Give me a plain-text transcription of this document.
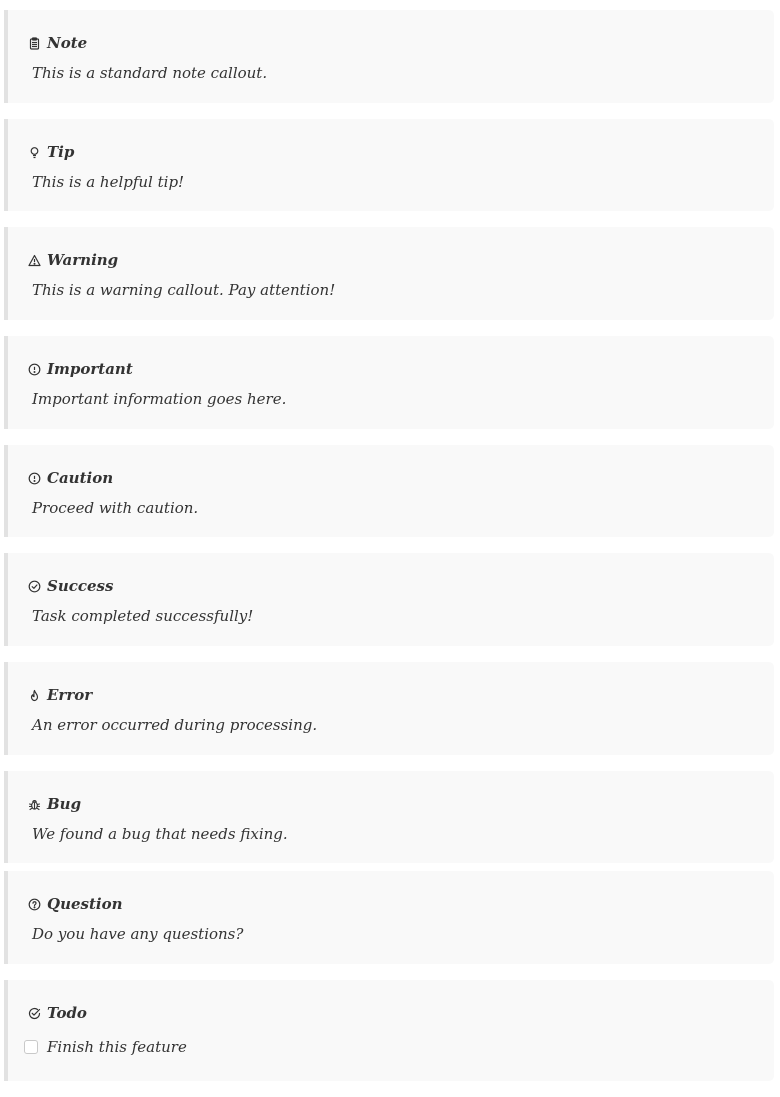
Note
This is a standard note callout.
Tip
This is a helpful tip!
Warning
This is a warning callout. Pay attention!
Important
Important information goes here.
Caution
Proceed with caution.
Success
Task completed successfully!
Error
An error occurred during processing.
Bug
We found a bug that needs fixing.
Question
Do you have any questions?
Todo
Finish this feature
